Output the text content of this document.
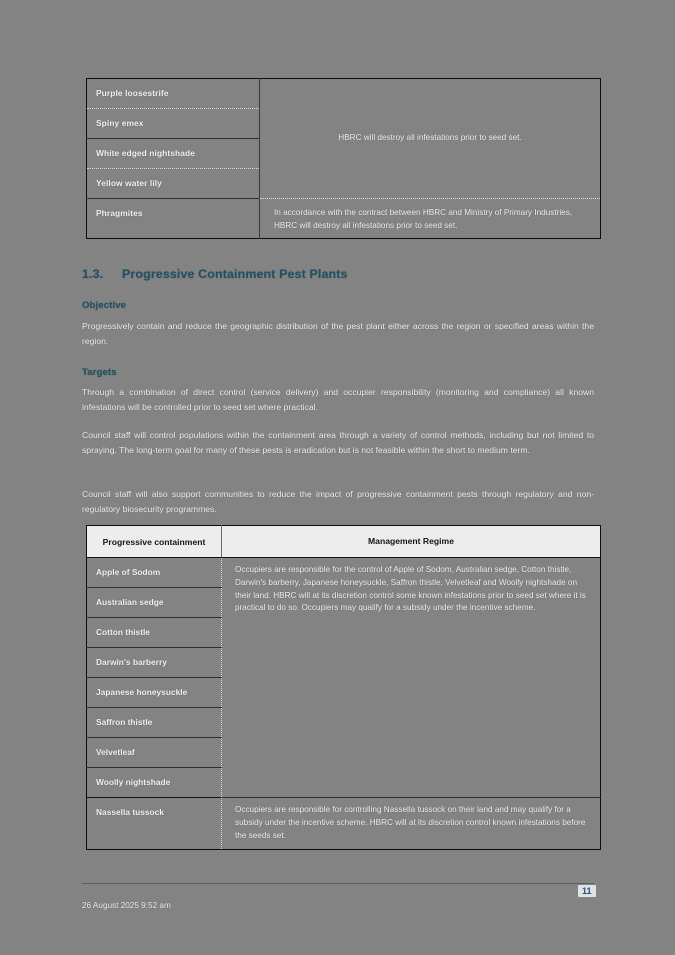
Purple loosestrife	HBRC will destroy all infestations prior to seed set.
Spiny emex	
White edged nightshade	
Yellow water lily	
Phragmites	In accordance with the contract between HBRC and Ministry of Primary Industries, HBRC will destroy all infestations prior to seed set.
1.3. Progressive Containment Pest Plants
Objective
Progressively contain and reduce the geographic distribution of the pest plant either across the region or specified areas within the region.
Targets
Through a combination of direct control (service delivery) and occupier responsibility (monitoring and compliance) all known infestations will be controlled prior to seed set where practical.
Council staff will control populations within the containment area through a variety of control methods, including but not limited to spraying. The long-term goal for many of these pests is eradication but is not feasible within the short to medium term.
Council staff will also support communities to reduce the impact of progressive containment pests through regulatory and non-regulatory biosecurity programmes.
Progressive containment	Management Regime
Apple of Sodom	Occupiers are responsible for the control of Apple of Sodom, Australian sedge, Cotton thistle, Darwin's barberry, Japanese honeysuckle, Saffron thistle, Velvetleaf and Woolly nightshade on their land. HBRC will at its discretion control some known infestations prior to seed set where it is practical to do so. Occupiers may qualify for a subsidy under the incentive scheme.
Australian sedge	
Cotton thistle	
Darwin's barberry	
Japanese honeysuckle	
Saffron thistle	
Velvetleaf	
Woolly nightshade	
Nassella tussock	Occupiers are responsible for controlling Nassella tussock on their land and may qualify for a subsidy under the incentive scheme. HBRC will at its discretion control known infestations before the seeds set.
11
26 August 2025 9:52 am
